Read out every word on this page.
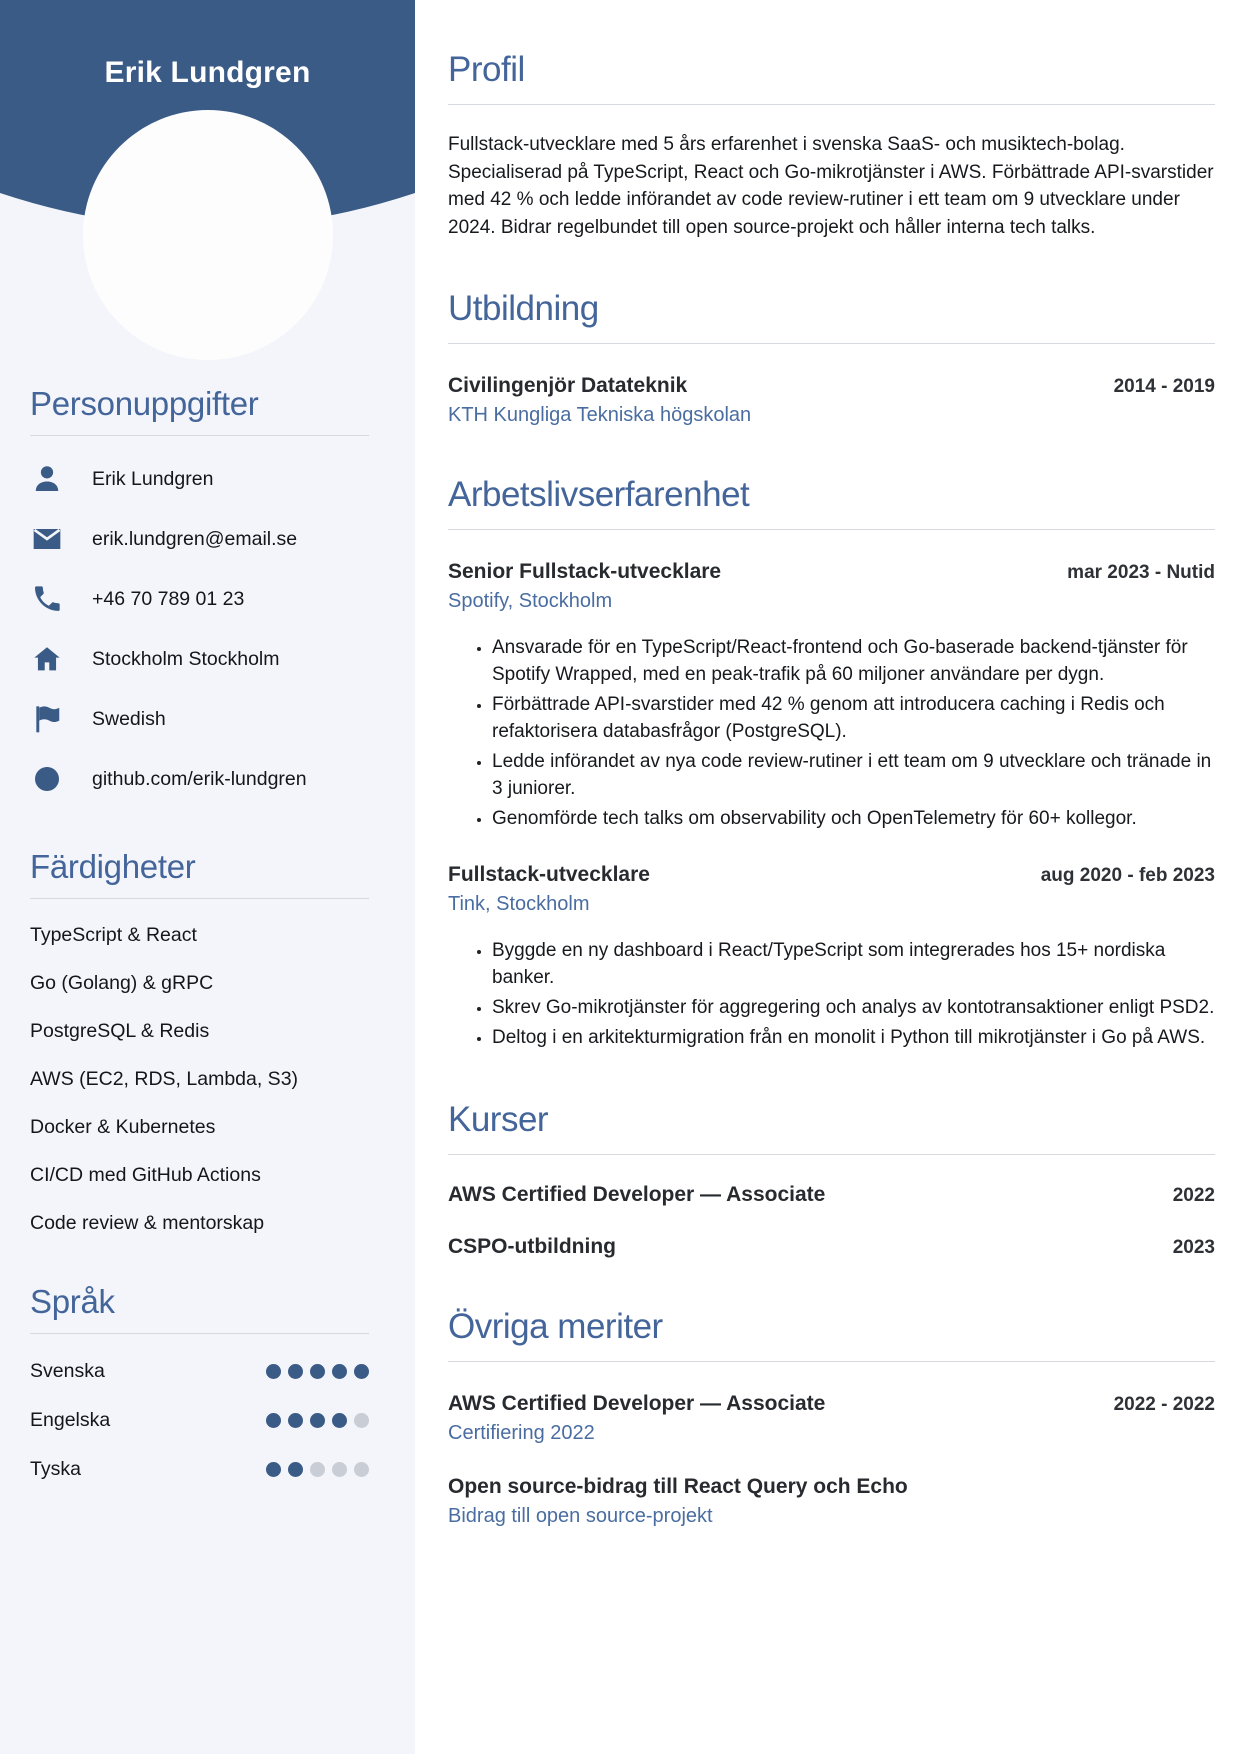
Erik Lundgren
Personuppgifter
Erik Lundgren
erik.lundgren@email.se
+46 70 789 01 23
Stockholm Stockholm
Swedish
github.com/erik-lundgren
Färdigheter
TypeScript & React
Go (Golang) & gRPC
PostgreSQL & Redis
AWS (EC2, RDS, Lambda, S3)
Docker & Kubernetes
CI/CD med GitHub Actions
Code review & mentorskap
Språk
Svenska
Engelska
Tyska
Profil

Fullstack-utvecklare med 5 års erfarenhet i svenska SaaS- och musiktech-bolag. Specialiserad på TypeScript, React och Go-mikrotjänster i AWS. Förbättrade API-svarstider med 42 % och ledde införandet av code review-rutiner i ett team om 9 utvecklare under 2024. Bidrar regelbundet till open source-projekt och håller interna tech talks.

Utbildning
Civilingenjör Datateknik	2014 - 2019
KTH Kungliga Tekniska högskolan
Arbetslivserfarenhet
Senior Fullstack-utvecklare	mar 2023 - Nutid
Spotify, Stockholm
• Ansvarade för en TypeScript/React-frontend och Go-baserade backend-tjänster för Spotify Wrapped, med en peak-trafik på 60 miljoner användare per dygn.
• Förbättrade API-svarstider med 42 % genom att introducera caching i Redis och refaktorisera databasfrågor (PostgreSQL).
• Ledde införandet av nya code review-rutiner i ett team om 9 utvecklare och tränade in 3 juniorer.
• Genomförde tech talks om observability och OpenTelemetry för 60+ kollegor.
Fullstack-utvecklare	aug 2020 - feb 2023
Tink, Stockholm
• Byggde en ny dashboard i React/TypeScript som integrerades hos 15+ nordiska banker.
• Skrev Go-mikrotjänster för aggregering och analys av kontotransaktioner enligt PSD2.
• Deltog i en arkitekturmigration från en monolit i Python till mikrotjänster i Go på AWS.
Kurser
AWS Certified Developer — Associate	2022
CSPO-utbildning	2023
Övriga meriter
AWS Certified Developer — Associate	2022 - 2022
Certifiering 2022
Open source-bidrag till React Query och Echo
Bidrag till open source-projekt
